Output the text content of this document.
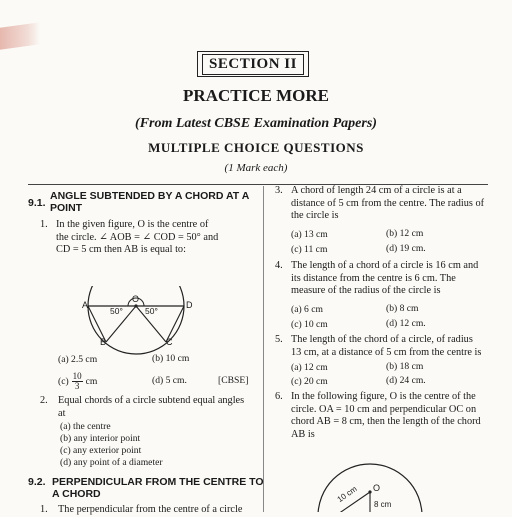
SECTION II
PRACTICE MORE
(From Latest CBSE Examination Papers)
MULTIPLE CHOICE QUESTIONS
(1 Mark each)
9.1.
ANGLE SUBTENDED BY A CHORD AT A
POINT
1. In the given figure, O is the centre of
the circle. ∠ AOB = ∠ COD = 50° and
CD = 5 cm then AB is equal to:
A	D
O
B	C
50°	50°
(a) 2.5 cm	(b) 10 cm
$(c) \frac{10}{3}$ cm	(d) 5 cm.	[CBSE]
2. Equal chords of a circle subtend equal angles
at
(a) the centre
(b) any interior point
(c) any exterior point
(d) any point of a diameter
9.2. PERPENDICULAR FROM THE CENTRE TO
A CHORD
1. The perpendicular from the centre of a circle
3. A chord of length 24 cm of a circle is at a
distance of 5 cm from the centre. The radius of
the circle is
(a) 13 cm	(b) 12 cm
(c) 11 cm	(d) 19 cm.
4. The length of a chord of a circle is 16 cm and
its distance from the centre is 6 cm. The
measure of the radius of the circle is
(a) 6 cm	(b) 8 cm
(c) 10 cm	(d) 12 cm.
5. The length of the chord of a circle, of radius
13 cm, at a distance of 5 cm from the centre is
(a) 12 cm	(b) 18 cm
(c) 20 cm	(d) 24 cm.
6. In the following figure, O is the centre of the
circle. OA = 10 cm and perpendicular OC on
chord AB = 8 cm, then the length of the chord
AB is
O
10 cm
8 cm
